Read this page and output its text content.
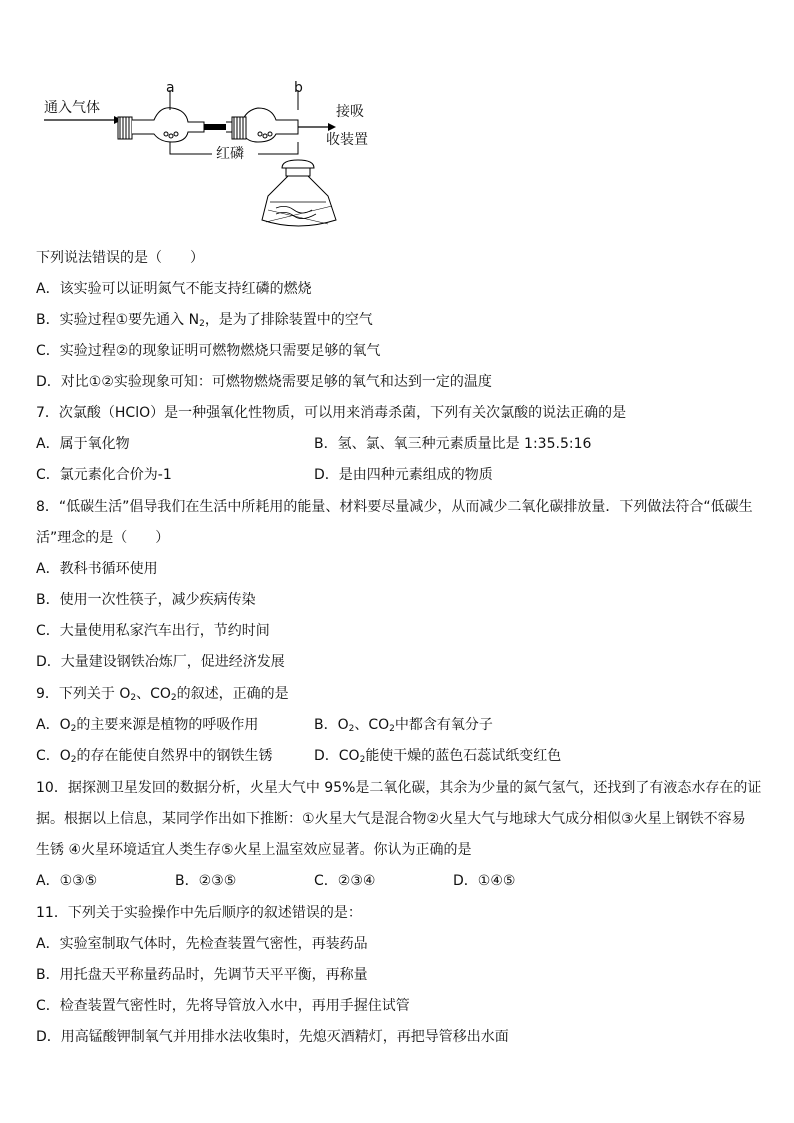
a	b
通入气体	接吸
收装置
红磷
下列说法错误的是（　　）
A．该实验可以证明氮气不能支持红磷的燃烧
B．实验过程①要先通入 $N_2$，是为了排除装置中的空气
C．实验过程②的现象证明可燃物燃烧只需要足够的氧气
D．对比①②实验现象可知：可燃物燃烧需要足够的氧气和达到一定的温度
7．次氯酸（HClO）是一种强氧化性物质，可以用来消毒杀菌，下列有关次氯酸的说法正确的是
A．属于氧化物	B．氢、氯、氧三种元素质量比是 1:35.5:16
C．氯元素化合价为-1	D．是由四种元素组成的物质
8．“低碳生活”倡导我们在生活中所耗用的能量、材料要尽量减少，从而减少二氧化碳排放量．下列做法符合“低碳生
活”理念的是（　　）
A．教科书循环使用
B．使用一次性筷子，减少疾病传染
C．大量使用私家汽车出行，节约时间
D．大量建设钢铁冶炼厂，促进经济发展
9．下列关于 $O_2$、$CO_2$的叙述，正确的是
A．$O_2$的主要来源是植物的呼吸作用	B．$O_2$、$CO_2$中都含有氧分子
C．$O_2$的存在能使自然界中的钢铁生锈	D．$CO_2$能使干燥的蓝色石蕊试纸变红色
10．据探测卫星发回的数据分析，火星大气中 95%是二氧化碳，其余为少量的氮气氢气，还找到了有液态水存在的证
据。根据以上信息，某同学作出如下推断：①火星大气是混合物②火星大气与地球大气成分相似③火星上钢铁不容易
生锈 ④火星环境适宜人类生存⑤火星上温室效应显著。你认为正确的是
A．①③⑤	B．②③⑤	C．②③④	D．①④⑤
11．下列关于实验操作中先后顺序的叙述错误的是：
A．实验室制取气体时，先检查装置气密性，再装药品
B．用托盘天平称量药品时，先调节天平平衡，再称量
C．检查装置气密性时，先将导管放入水中，再用手握住试管
D．用高锰酸钾制氧气并用排水法收集时，先熄灭酒精灯，再把导管移出水面
